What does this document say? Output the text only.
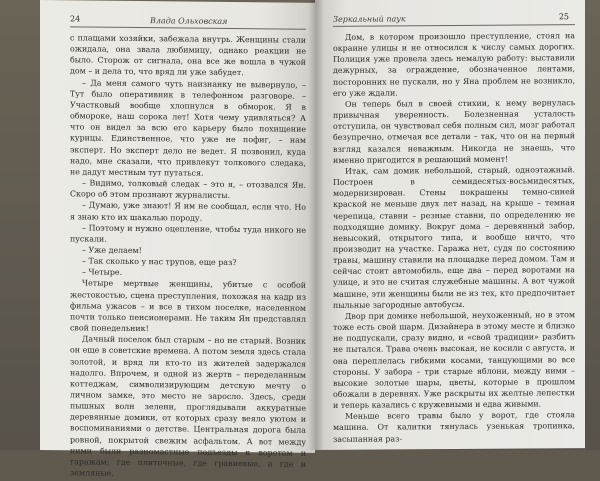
24	Влада Ольховская

с плащами хозяйки, забежала внутрь. Женщины стали ожидала, она звала любимицу, однако реакции не было. Сторож от сигнала, она все же вошла в чужой дом – и дела то, что вряд ли уже забудет.

– Да меня самого чуть наизнанку не вывернуло, – Тут было оперативник в телефонном разговоре. – Участковый вообще хлопнулся в обморок. Я в обмороке, наш сорока лет! Хотя чему удивляться? А что он видел за всю его карьеру было похищение курицы. Единственное, что уже не пофиг, – нам эксперт. Но эксперт дело не ведет. Я позвонил, куда надо, мне сказали, что привлекут толкового следака, не дадут местным тут путаться.

– Видимо, толковый следак – это я, – отозвался Ян. Скоро об этом прознают журналисты.

– Думаю, уже знают! Я им не сообщал, если что. Но я знаю кто их шакалью породу.

– Поэтому и нужно оцепление, чтобы туда никого не пускали.

– Уже делаем!

– Так сколько у нас трупов, еще раз?

– Четыре.

Четыре мертвые женщины, убитые с особой жестокостью, сцена преступления, похожая на кадр из фильма ужасов – и все в тихом поселке, населенном почти только пенсионерами. Не таким Ян представлял свой понедельник!

Дачный поселок был старым – но не старый. Возник он еще в советские времена. А потом земля здесь стала золотой, и вряд ли кто-то из жителей задержался надолго. Впрочем, и одной из жертв – переделанным коттеджам, символизирующим детскую мечту о личном замке, это место не заросло. Здесь, среди пышных волн зелени, проглядывали аккуратные деревянные домики, от которых сразу веяло уютом и воспоминаниями о детстве. Центральная дорога была ровной, покрытой свежим асфальтом. А вот между ними были разномастные подъезды к воротам и гаражам: где плиточные, где гравиевые, а где и земляные.

Зеркальный паук	25

Дом, в котором произошло преступление, стоял на окраине улицы и не относился к числу самых дорогих. Полиция уже провела здесь немалую работу: выставили дежурных, за ограждение, обозначенное лентами, посторонних не пускали, но у Яна проблем не возникло, его уже ждали.

Он теперь был в своей стихии, к нему вернулась привычная уверенность. Болезненная усталость отступила, он чувствовал себя полным сил, мозг работал безупречно, отмечая все детали – так, что он на первый взгляд казался неважным. Никогда не знаешь, что именно пригодится в решающий момент!

Итак, сам домик небольшой, старый, одноэтажный. Построен в семидесятых-восьмидесятых, модернизирован. Стены покрашены темно-синей краской не меньше двух лет назад, на крыше – темная черепица, ставни – резные ставни, по определению не подходящие домику. Вокруг дома – деревянный забор, невысокий, открытого типа, и вообще ничто, что производит на участке. Гаража нет, судя по состоянию травы, машину ставили на площадке перед домом. Там и сейчас стоит автомобиль, еще два – перед воротами на улице, и это не считая служебные машины. А вот чужой машине, эти женщины были не из тех, кто предпочитает пыльные загородные автобусы.

Двор при домике небольшой, неухоженный, но в этом тоже есть свой шарм. Дизайнера в этому месте и близко не подпускали, сразу видно, и «свой традиции» разбить не пытался. Трава очень высокая, не косили с августа, и она переплелась гибкими косами, танцующими во все стороны. У забора – три старые яблони, между ними – высокие золотые шары, цветы, которые в прошлом обожали в деревнях. Уже раскрыты их желтые лепестки и теперь казались с кружевными и едва живыми.

Меньше всего травы было у ворот, где стояла машина. От калитки тянулась узенькая тропинка, засыпанная раз-
